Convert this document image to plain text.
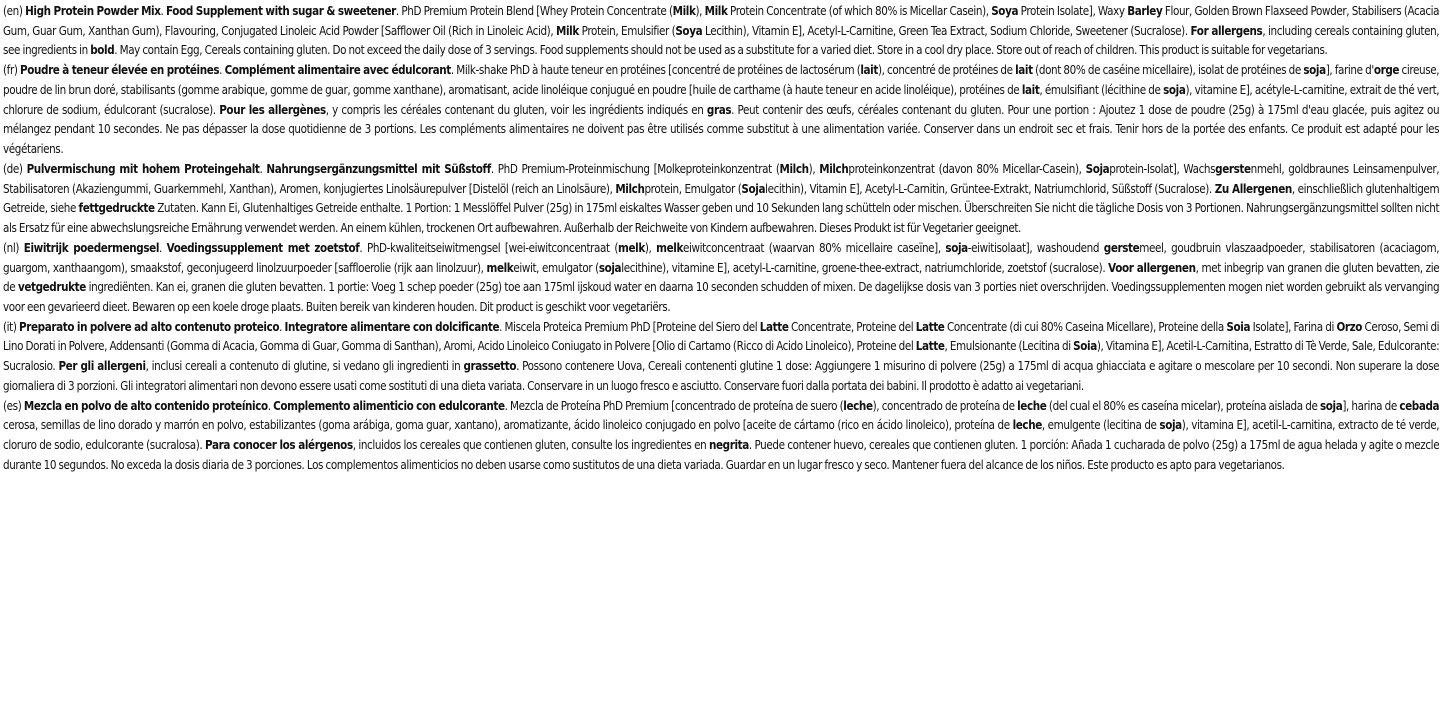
(en) High Protein Powder Mix. Food Supplement with sugar & sweetener. PhD Premium Protein Blend [Whey Protein Concentrate (Milk), Milk Protein Concentrate (of which 80% is Micellar Casein), Soya Protein Isolate], Waxy Barley Flour, Golden Brown Flaxseed Powder, Stabilisers (Acacia Gum, Guar Gum, Xanthan Gum), Flavouring, Conjugated Linoleic Acid Powder [Safflower Oil (Rich in Linoleic Acid), Milk Protein, Emulsifier (Soya Lecithin), Vitamin E], Acetyl-L-Carnitine, Green Tea Extract, Sodium Chloride, Sweetener (Sucralose). For allergens, including cereals containing gluten, see ingredients in bold. May contain Egg, Cereals containing gluten. Do not exceed the daily dose of 3 servings. Food supplements should not be used as a substitute for a varied diet. Store in a cool dry place. Store out of reach of children. This product is suitable for vegetarians.
(fr) Poudre à teneur élevée en protéines. Complément alimentaire avec édulcorant. Milk-shake PhD à haute teneur en protéines [concentré de protéines de lactosérum (lait), concentré de protéines de lait (dont 80% de caséine micellaire), isolat de protéines de soja], farine d'orge cireuse, poudre de lin brun doré, stabilisants (gomme arabique, gomme de guar, gomme xanthane), aromatisant, acide linoléique conjugué en poudre [huile de carthame (à haute teneur en acide linoléique), protéines de lait, émulsifiant (lécithine de soja), vitamine E], acétyle-L-carnitine, extrait de thé vert, chlorure de sodium, édulcorant (sucralose). Pour les allergènes, y compris les céréales contenant du gluten, voir les ingrédients indiqués en gras. Peut contenir des œufs, céréales contenant du gluten. Pour une portion : Ajoutez 1 dose de poudre (25g) à 175ml d'eau glacée, puis agitez ou mélangez pendant 10 secondes. Ne pas dépasser la dose quotidienne de 3 portions. Les compléments alimentaires ne doivent pas être utilisés comme substitut à une alimentation variée. Conserver dans un endroit sec et frais. Tenir hors de la portée des enfants. Ce produit est adapté pour les végétariens.
(de) Pulvermischung mit hohem Proteingehalt. Nahrungsergänzungsmittel mit Süßstoff. PhD Premium-Proteinmischung [Molkeproteinkonzentrat (Milch), Milchproteinkonzentrat (davon 80% Micellar-Casein), Sojaprotein-Isolat], Wachsgerstenmehl, goldbraunes Leinsamenpulver, Stabilisatoren (Akaziengummi, Guarkernmehl, Xanthan), Aromen, konjugiertes Linolsäurepulver [Distelöl (reich an Linolsäure), Milchprotein, Emulgator (Sojalecithin), Vitamin E], Acetyl-L-Carnitin, Grüntee-Extrakt, Natriumchlorid, Süßstoff (Sucralose). Zu Allergenen, einschließlich glutenhaltigem Getreide, siehe fettgedruckte Zutaten. Kann Ei, Glutenhaltiges Getreide enthalte. 1 Portion: 1 Messlöffel Pulver (25g) in 175ml eiskaltes Wasser geben und 10 Sekunden lang schütteln oder mischen. Überschreiten Sie nicht die tägliche Dosis von 3 Portionen. Nahrungsergänzungsmittel sollten nicht als Ersatz für eine abwechslungsreiche Ernährung verwendet werden. An einem kühlen, trockenen Ort aufbewahren. Außerhalb der Reichweite von Kindern aufbewahren. Dieses Produkt ist für Vegetarier geeignet.
(nl) Eiwitrijk poedermengsel. Voedingssupplement met zoetstof. PhD-kwaliteitseiwitmengsel [wei-eiwitconcentraat (melk), melkeiwitconcentraat (waarvan 80% micellaire caseïne], soja-eiwitisolaat], washoudend gerstemeel, goudbruin vlaszaadpoeder, stabilisatoren (acaciagom, guargom, xanthaangom), smaakstof, geconjugeerd linolzuurpoeder [saffloerolie (rijk aan linolzuur), melkeiwit, emulgator (sojalecithine), vitamine E], acetyl-L-carnitine, groene-thee-extract, natriumchloride, zoetstof (sucralose). Voor allergenen, met inbegrip van granen die gluten bevatten, zie de vetgedrukte ingrediënten. Kan ei, granen die gluten bevatten. 1 portie: Voeg 1 schep poeder (25g) toe aan 175ml ijskoud water en daarna 10 seconden schudden of mixen. De dagelijkse dosis van 3 porties niet overschrijden. Voedingssupplementen mogen niet worden gebruikt als vervanging voor een gevarieerd dieet. Bewaren op een koele droge plaats. Buiten bereik van kinderen houden. Dit product is geschikt voor vegetariërs.
(it) Preparato in polvere ad alto contenuto proteico. Integratore alimentare con dolcificante. Miscela Proteica Premium PhD [Proteine del Siero del Latte Concentrate, Proteine del Latte Concentrate (di cui 80% Caseina Micellare), Proteine della Soia Isolate], Farina di Orzo Ceroso, Semi di Lino Dorati in Polvere, Addensanti (Gomma di Acacia, Gomma di Guar, Gomma di Santhan), Aromi, Acido Linoleico Coniugato in Polvere [Olio di Cartamo (Ricco di Acido Linoleico), Proteine del Latte, Emulsionante (Lecitina di Soia), Vitamina E], Acetil-L-Carnitina, Estratto di Tè Verde, Sale, Edulcorante: Sucralosio. Per gli allergeni, inclusi cereali a contenuto di glutine, si vedano gli ingredienti in grassetto. Possono contenere Uova, Cereali contenenti glutine 1 dose: Aggiungere 1 misurino di polvere (25g) a 175ml di acqua ghiacciata e agitare o mescolare per 10 secondi. Non superare la dose giornaliera di 3 porzioni. Gli integratori alimentari non devono essere usati come sostituti di una dieta variata. Conservare in un luogo fresco e asciutto. Conservare fuori dalla portata dei babini. Il prodotto è adatto ai vegetariani.
(es) Mezcla en polvo de alto contenido proteínico. Complemento alimenticio con edulcorante. Mezcla de Proteína PhD Premium [concentrado de proteína de suero (leche), concentrado de proteína de leche (del cual el 80% es caseína micelar), proteína aislada de soja], harina de cebada cerosa, semillas de lino dorado y marrón en polvo, estabilizantes (goma arábiga, goma guar, xantano), aromatizante, ácido linoleico conjugado en polvo [aceite de cártamo (rico en ácido linoleico), proteína de leche, emulgente (lecitina de soja), vitamina E], acetil-L-carnitina, extracto de té verde, cloruro de sodio, edulcorante (sucralosa). Para conocer los alérgenos, incluidos los cereales que contienen gluten, consulte los ingredientes en negrita. Puede contener huevo, cereales que contienen gluten. 1 porción: Añada 1 cucharada de polvo (25g) a 175ml de agua helada y agite o mezcle durante 10 segundos. No exceda la dosis diaria de 3 porciones. Los complementos alimenticios no deben usarse como sustitutos de una dieta variada. Guardar en un lugar fresco y seco. Mantener fuera del alcance de los niños. Este producto es apto para vegetarianos.
